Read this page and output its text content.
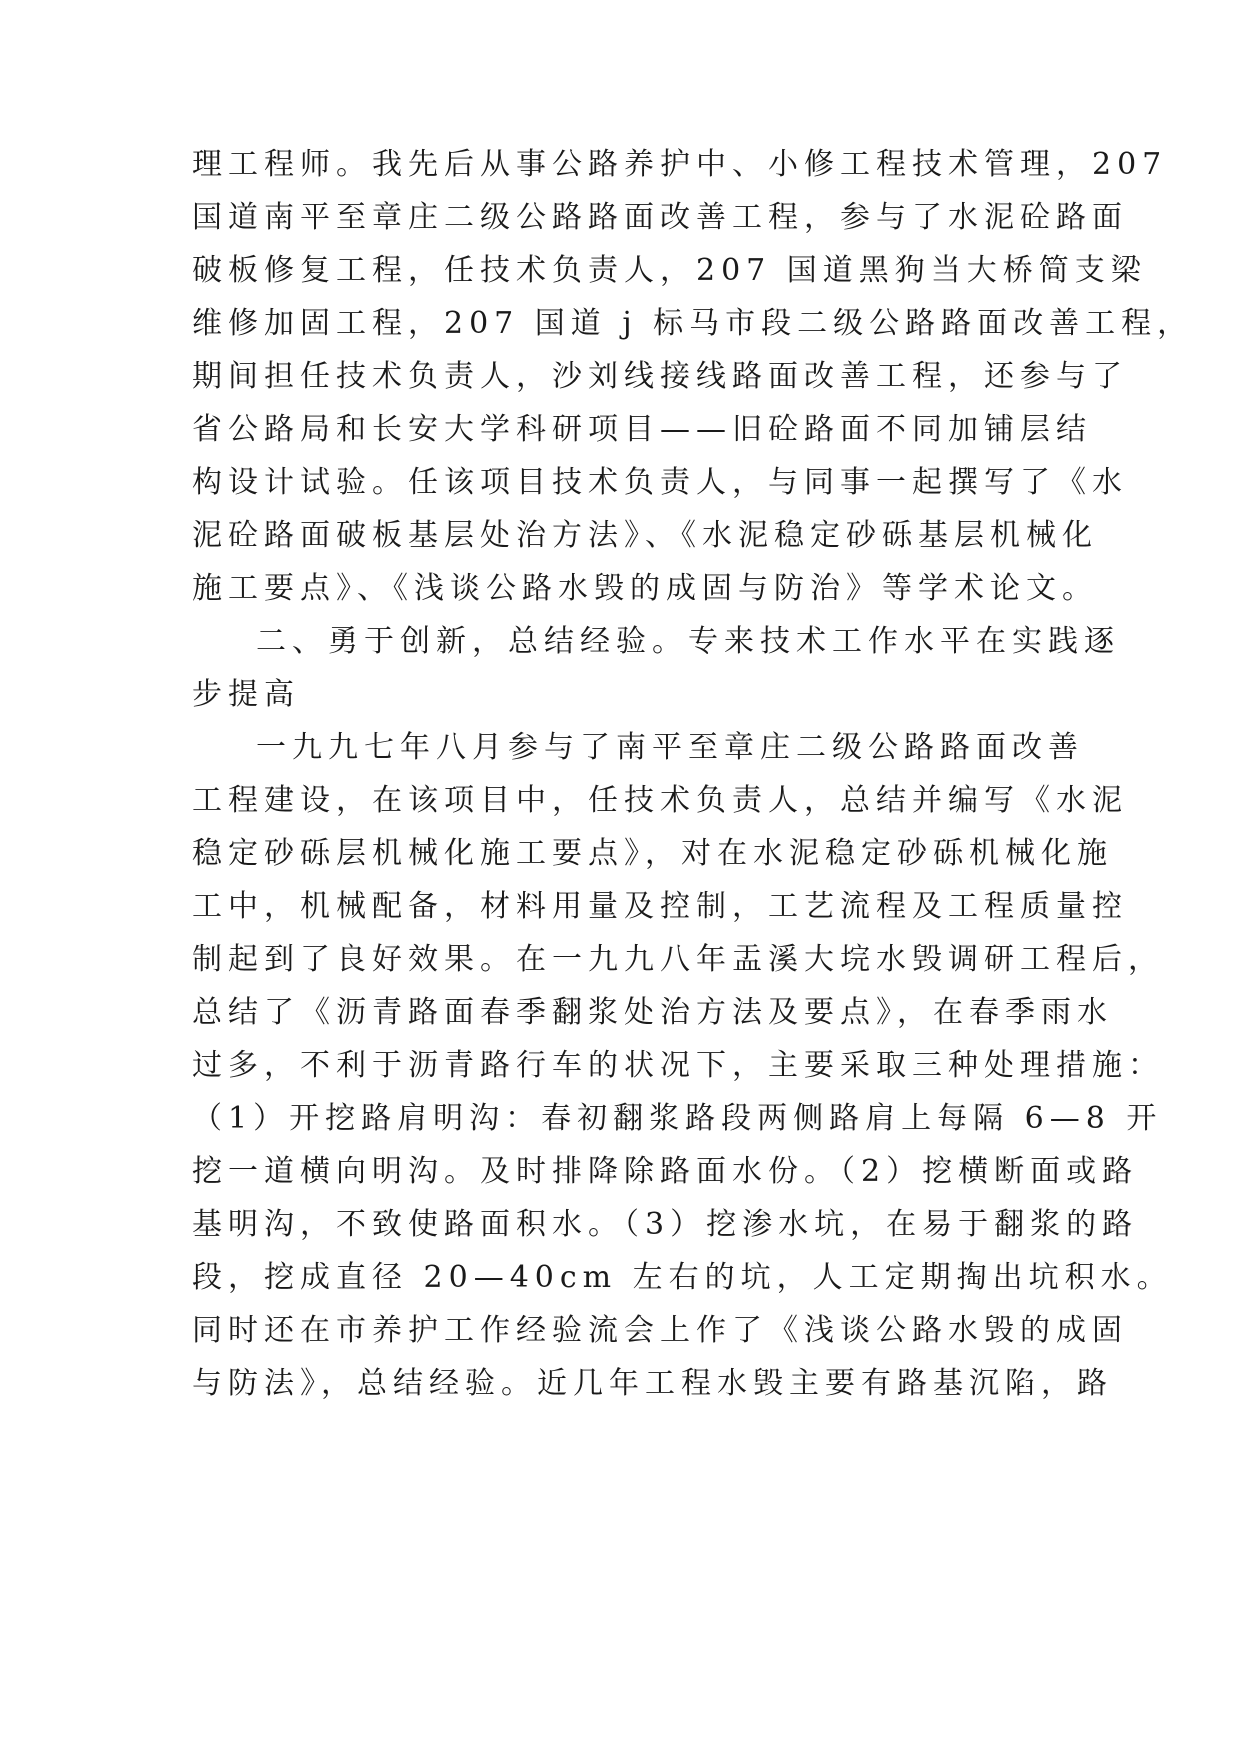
理工程师。我先后从事公路养护中、小修工程技术管理，207
国道南平至章庄二级公路路面改善工程，参与了水泥砼路面
破板修复工程，任技术负责人，207 国道黑狗当大桥简支梁
维修加固工程，207 国道 j 标马市段二级公路路面改善工程，
期间担任技术负责人，沙刘线接线路面改善工程，还参与了
省公路局和长安大学科研项目——旧砼路面不同加铺层结
构设计试验。任该项目技术负责人，与同事一起撰写了《水
泥砼路面破板基层处治方法》、《水泥稳定砂砾基层机械化
施工要点》、《浅谈公路水毁的成固与防治》等学术论文。
二、勇于创新，总结经验。专来技术工作水平在实践逐
步提高
一九九七年八月参与了南平至章庄二级公路路面改善
工程建设，在该项目中，任技术负责人，总结并编写《水泥
稳定砂砾层机械化施工要点》，对在水泥稳定砂砾机械化施
工中，机械配备，材料用量及控制，工艺流程及工程质量控
制起到了良好效果。在一九九八年盂溪大垸水毁调研工程后，
总结了《沥青路面春季翻浆处治方法及要点》，在春季雨水
过多，不利于沥青路行车的状况下，主要采取三种处理措施：
（1）开挖路肩明沟：春初翻浆路段两侧路肩上每隔 6—8 开
挖一道横向明沟。及时排降除路面水份。（2）挖横断面或路
基明沟，不致使路面积水。（3）挖渗水坑，在易于翻浆的路
段，挖成直径 20—40cm 左右的坑，人工定期掏出坑积水。
同时还在市养护工作经验流会上作了《浅谈公路水毁的成固
与防法》，总结经验。近几年工程水毁主要有路基沉陷，路
